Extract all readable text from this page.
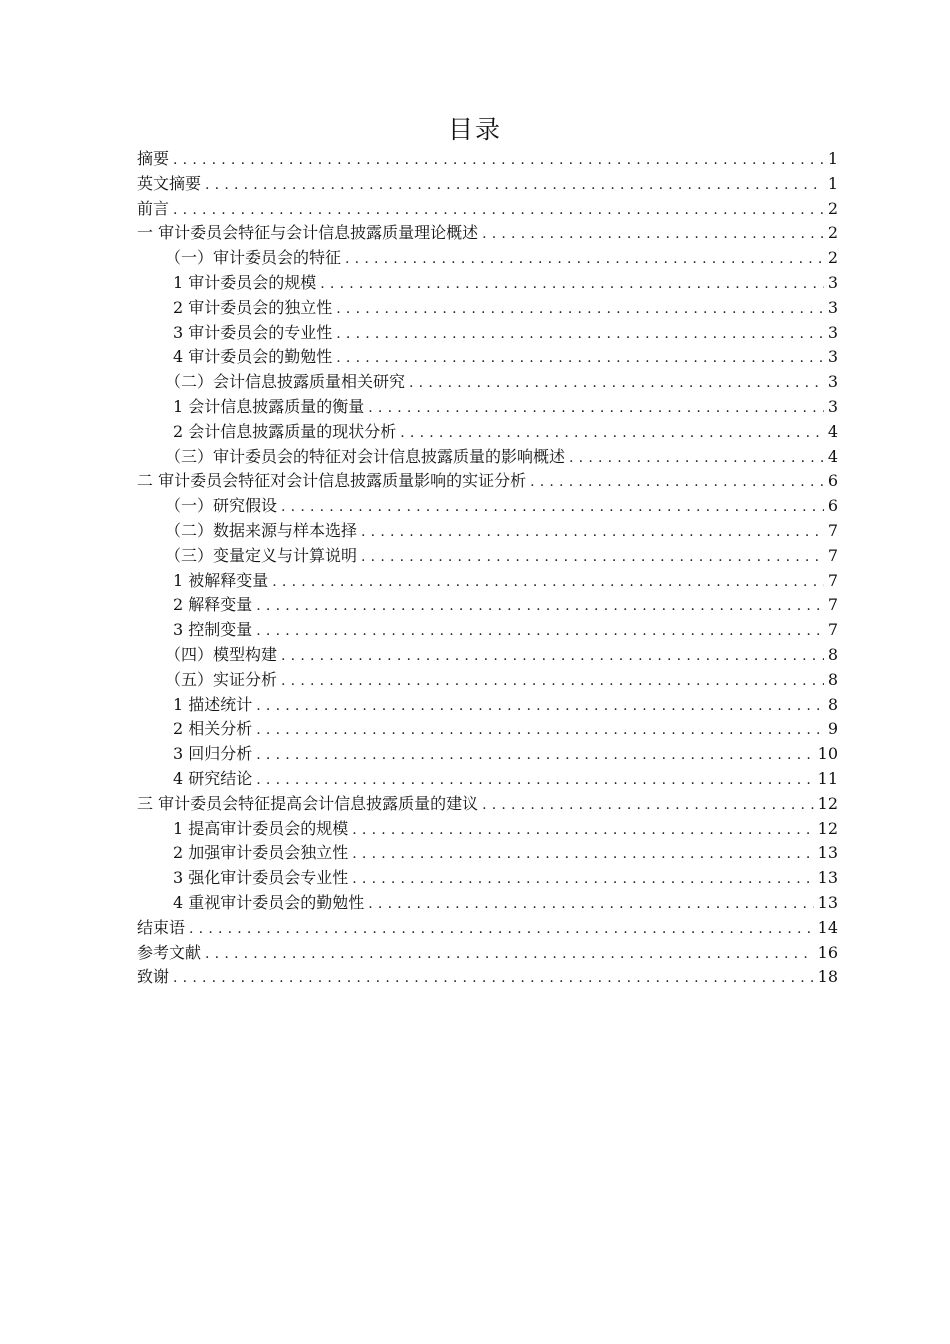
目录
摘要 .....	1
英文摘要 .....	1
前言 .....	2
一 审计委员会特征与会计信息披露质量理论概述 .....	2
（一）审计委员会的特征 .....	2
1 审计委员会的规模 .....	3
2 审计委员会的独立性 .....	3
3 审计委员会的专业性 .....	3
4 审计委员会的勤勉性 .....	3
（二）会计信息披露质量相关研究 .....	3
1 会计信息披露质量的衡量 .....	3
2 会计信息披露质量的现状分析 .....	4
（三）审计委员会的特征对会计信息披露质量的影响概述 .....	4
二 审计委员会特征对会计信息披露质量影响的实证分析 .....	6
（一）研究假设 .....	6
（二）数据来源与样本选择 .....	7
（三）变量定义与计算说明 .....	7
1 被解释变量 .....	7
2 解释变量 .....	7
3 控制变量 .....	7
（四）模型构建 .....	8
（五）实证分析 .....	8
1 描述统计 .....	8
2 相关分析 .....	9
3 回归分析 .....	10
4 研究结论 .....	11
三 审计委员会特征提高会计信息披露质量的建议 .....	12
1 提高审计委员会的规模 .....	12
2 加强审计委员会独立性 .....	13
3 强化审计委员会专业性 .....	13
4 重视审计委员会的勤勉性 .....	13
结束语 .....	14
参考文献 .....	16
致谢 .....	18
